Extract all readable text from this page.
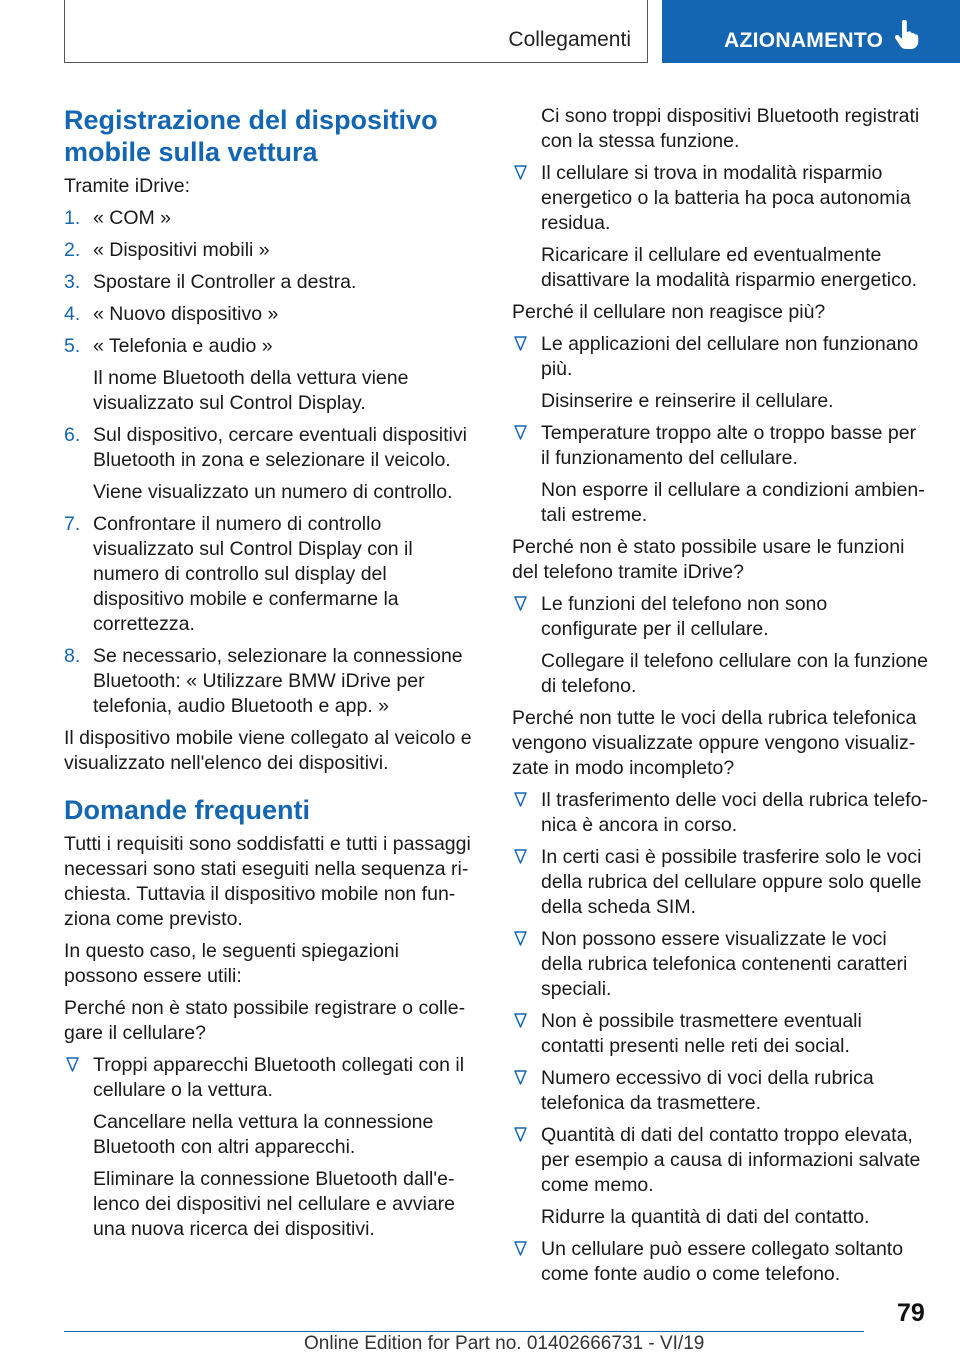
Collegamenti	AZIONAMENTO
Registrazione del dispositivo mobile sulla vettura
Tramite iDrive:
1. « COM »
2. « Dispositivi mobili »
3. Spostare il Controller a destra.
4. « Nuovo dispositivo »
5. « Telefonia e audio »
Il nome Bluetooth della vettura viene visualizzato sul Control Display.
6. Sul dispositivo, cercare eventuali dispositivi Bluetooth in zona e selezionare il veicolo.
Viene visualizzato un numero di controllo.
7. Confrontare il numero di controllo visualizzato sul Control Display con il numero di controllo sul display del dispositivo mobile e confermarne la correttezza.
8. Se necessario, selezionare la connessione Bluetooth: « Utilizzare BMW iDrive per telefonia, audio Bluetooth e app. »
Il dispositivo mobile viene collegato al veicolo e visualizzato nell'elenco dei dispositivi.
Domande frequenti
Tutti i requisiti sono soddisfatti e tutti i passaggi necessari sono stati eseguiti nella sequenza richiesta. Tuttavia il dispositivo mobile non funziona come previsto.
In questo caso, le seguenti spiegazioni possono essere utili:
Perché non è stato possibile registrare o collegare il cellulare?
Troppi apparecchi Bluetooth collegati con il cellulare o la vettura.
Cancellare nella vettura la connessione Bluetooth con altri apparecchi.
Eliminare la connessione Bluetooth dall'elenco dei dispositivi nel cellulare e avviare una nuova ricerca dei dispositivi.
Ci sono troppi dispositivi Bluetooth registrati con la stessa funzione.
Il cellulare si trova in modalità risparmio energetico o la batteria ha poca autonomia residua.
Ricaricare il cellulare ed eventualmente disattivare la modalità risparmio energetico.
Perché il cellulare non reagisce più?
Le applicazioni del cellulare non funzionano più.
Disinserire e reinserire il cellulare.
Temperature troppo alte o troppo basse per il funzionamento del cellulare.
Non esporre il cellulare a condizioni ambientali estreme.
Perché non è stato possibile usare le funzioni del telefono tramite iDrive?
Le funzioni del telefono non sono configurate per il cellulare.
Collegare il telefono cellulare con la funzione di telefono.
Perché non tutte le voci della rubrica telefonica vengono visualizzate oppure vengono visualizzate in modo incompleto?
Il trasferimento delle voci della rubrica telefonica è ancora in corso.
In certi casi è possibile trasferire solo le voci della rubrica del cellulare oppure solo quelle della scheda SIM.
Non possono essere visualizzate le voci della rubrica telefonica contenenti caratteri speciali.
Non è possibile trasmettere eventuali contatti presenti nelle reti dei social.
Numero eccessivo di voci della rubrica telefonica da trasmettere.
Quantità di dati del contatto troppo elevata, per esempio a causa di informazioni salvate come memo.
Ridurre la quantità di dati del contatto.
Un cellulare può essere collegato soltanto come fonte audio o come telefono.
79
Online Edition for Part no. 01402666731 - VI/19
